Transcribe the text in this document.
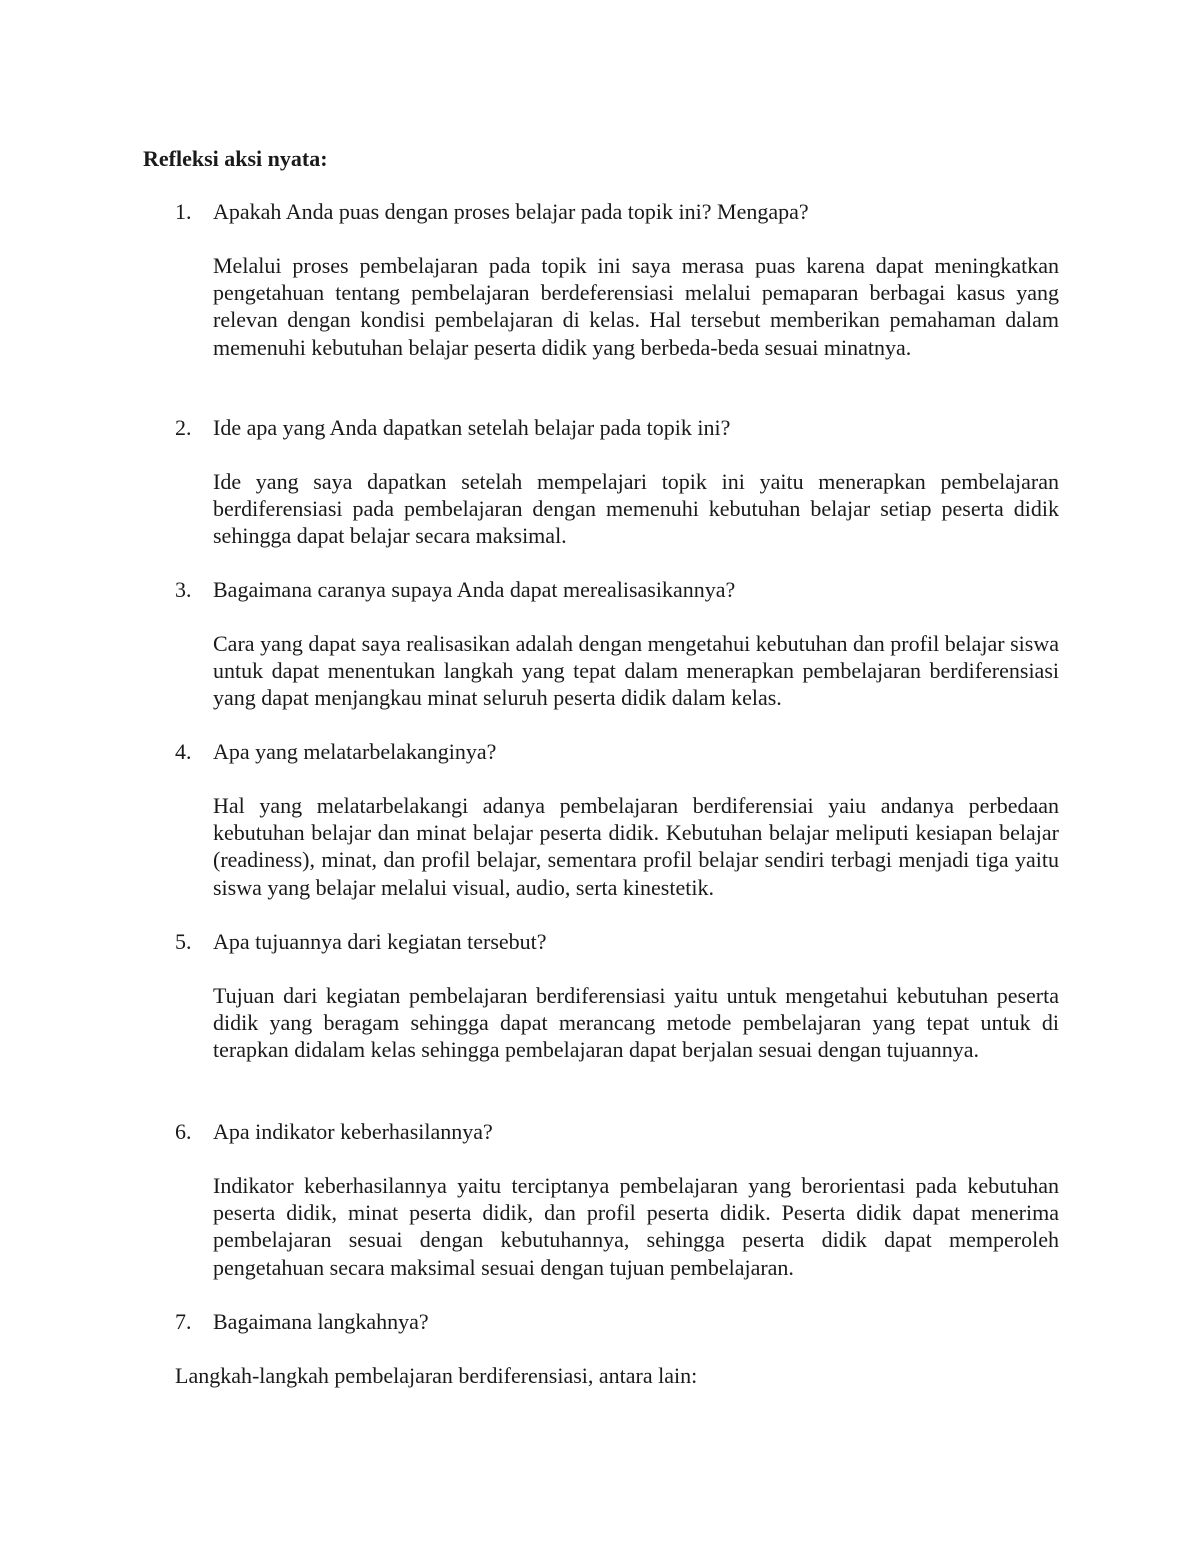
Refleksi aksi nyata:
1. Apakah Anda puas dengan proses belajar pada topik ini? Mengapa?
Melalui proses pembelajaran pada topik ini saya merasa puas karena dapat meningkatkan pengetahuan tentang pembelajaran berdeferensiasi melalui pemaparan berbagai kasus yang relevan dengan kondisi pembelajaran di kelas. Hal tersebut memberikan pemahaman dalam memenuhi kebutuhan belajar peserta didik yang berbeda-beda sesuai minatnya.
2. Ide apa yang Anda dapatkan setelah belajar pada topik ini?
Ide yang saya dapatkan setelah mempelajari topik ini yaitu menerapkan pembelajaran berdiferensiasi pada pembelajaran dengan memenuhi kebutuhan belajar setiap peserta didik sehingga dapat belajar secara maksimal.
3. Bagaimana caranya supaya Anda dapat merealisasikannya?
Cara yang dapat saya realisasikan adalah dengan mengetahui kebutuhan dan profil belajar siswa untuk dapat menentukan langkah yang tepat dalam menerapkan pembelajaran berdiferensiasi yang dapat menjangkau minat seluruh peserta didik dalam kelas.
4. Apa yang melatarbelakanginya?
Hal yang melatarbelakangi adanya pembelajaran berdiferensiai yaiu andanya perbedaan kebutuhan belajar dan minat belajar peserta didik. Kebutuhan belajar meliputi kesiapan belajar (readiness), minat, dan profil belajar, sementara profil belajar sendiri terbagi menjadi tiga yaitu siswa yang belajar melalui visual, audio, serta kinestetik.
5. Apa tujuannya dari kegiatan tersebut?
Tujuan dari kegiatan pembelajaran berdiferensiasi yaitu untuk mengetahui kebutuhan peserta didik yang beragam sehingga dapat merancang metode pembelajaran yang tepat untuk di terapkan didalam kelas sehingga pembelajaran dapat berjalan sesuai dengan tujuannya.
6. Apa indikator keberhasilannya?
Indikator keberhasilannya yaitu terciptanya pembelajaran yang berorientasi pada kebutuhan peserta didik, minat peserta didik, dan profil peserta didik. Peserta didik dapat menerima pembelajaran sesuai dengan kebutuhannya, sehingga peserta didik dapat memperoleh pengetahuan secara maksimal sesuai dengan tujuan pembelajaran.
7. Bagaimana langkahnya?
Langkah-langkah pembelajaran berdiferensiasi, antara lain:
